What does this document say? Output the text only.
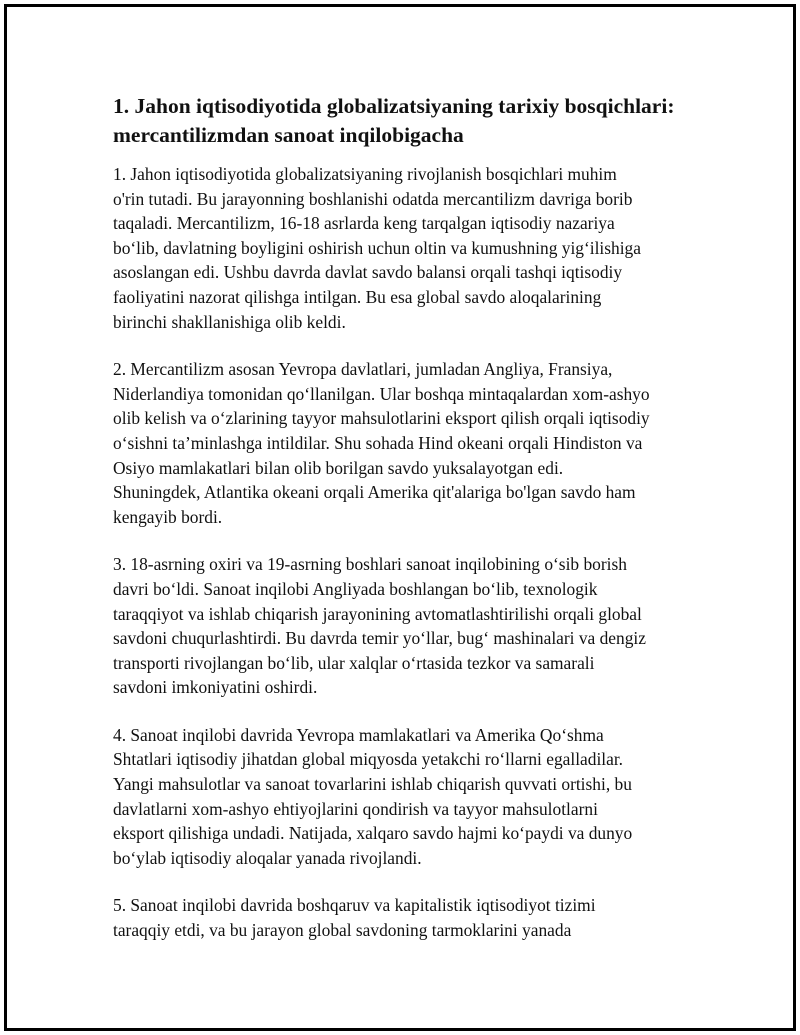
1. Jahon iqtisodiyotida globalizatsiyaning tarixiy bosqichlari:
mercantilizmdan sanoat inqilobigacha

1. Jahon iqtisodiyotida globalizatsiyaning rivojlanish bosqichlari muhim
o'rin tutadi. Bu jarayonning boshlanishi odatda mercantilizm davriga borib
taqaladi. Mercantilizm, 16-18 asrlarda keng tarqalgan iqtisodiy nazariya
bo‘lib, davlatning boyligini oshirish uchun oltin va kumushning yig‘ilishiga
asoslangan edi. Ushbu davrda davlat savdo balansi orqali tashqi iqtisodiy
faoliyatini nazorat qilishga intilgan. Bu esa global savdo aloqalarining
birinchi shakllanishiga olib keldi.

2. Mercantilizm asosan Yevropa davlatlari, jumladan Angliya, Fransiya,
Niderlandiya tomonidan qo‘llanilgan. Ular boshqa mintaqalardan xom-ashyo
olib kelish va o‘zlarining tayyor mahsulotlarini eksport qilish orqali iqtisodiy
o‘sishni ta’minlashga intildilar. Shu sohada Hind okeani orqali Hindiston va
Osiyo mamlakatlari bilan olib borilgan savdo yuksalayotgan edi.
Shuningdek, Atlantika okeani orqali Amerika qit'alariga bo'lgan savdo ham
kengayib bordi.

3. 18-asrning oxiri va 19-asrning boshlari sanoat inqilobining o‘sib borish
davri bo‘ldi. Sanoat inqilobi Angliyada boshlangan bo‘lib, texnologik
taraqqiyot va ishlab chiqarish jarayonining avtomatlashtirilishi orqali global
savdoni chuqurlashtirdi. Bu davrda temir yo‘llar, bug‘ mashinalari va dengiz
transporti rivojlangan bo‘lib, ular xalqlar o‘rtasida tezkor va samarali
savdoni imkoniyatini oshirdi.

4. Sanoat inqilobi davrida Yevropa mamlakatlari va Amerika Qo‘shma
Shtatlari iqtisodiy jihatdan global miqyosda yetakchi ro‘llarni egalladilar.
Yangi mahsulotlar va sanoat tovarlarini ishlab chiqarish quvvati ortishi, bu
davlatlarni xom-ashyo ehtiyojlarini qondirish va tayyor mahsulotlarni
eksport qilishiga undadi. Natijada, xalqaro savdo hajmi ko‘paydi va dunyo
bo‘ylab iqtisodiy aloqalar yanada rivojlandi.

5. Sanoat inqilobi davrida boshqaruv va kapitalistik iqtisodiyot tizimi
taraqqiy etdi, va bu jarayon global savdoning tarmoklarini yanada
